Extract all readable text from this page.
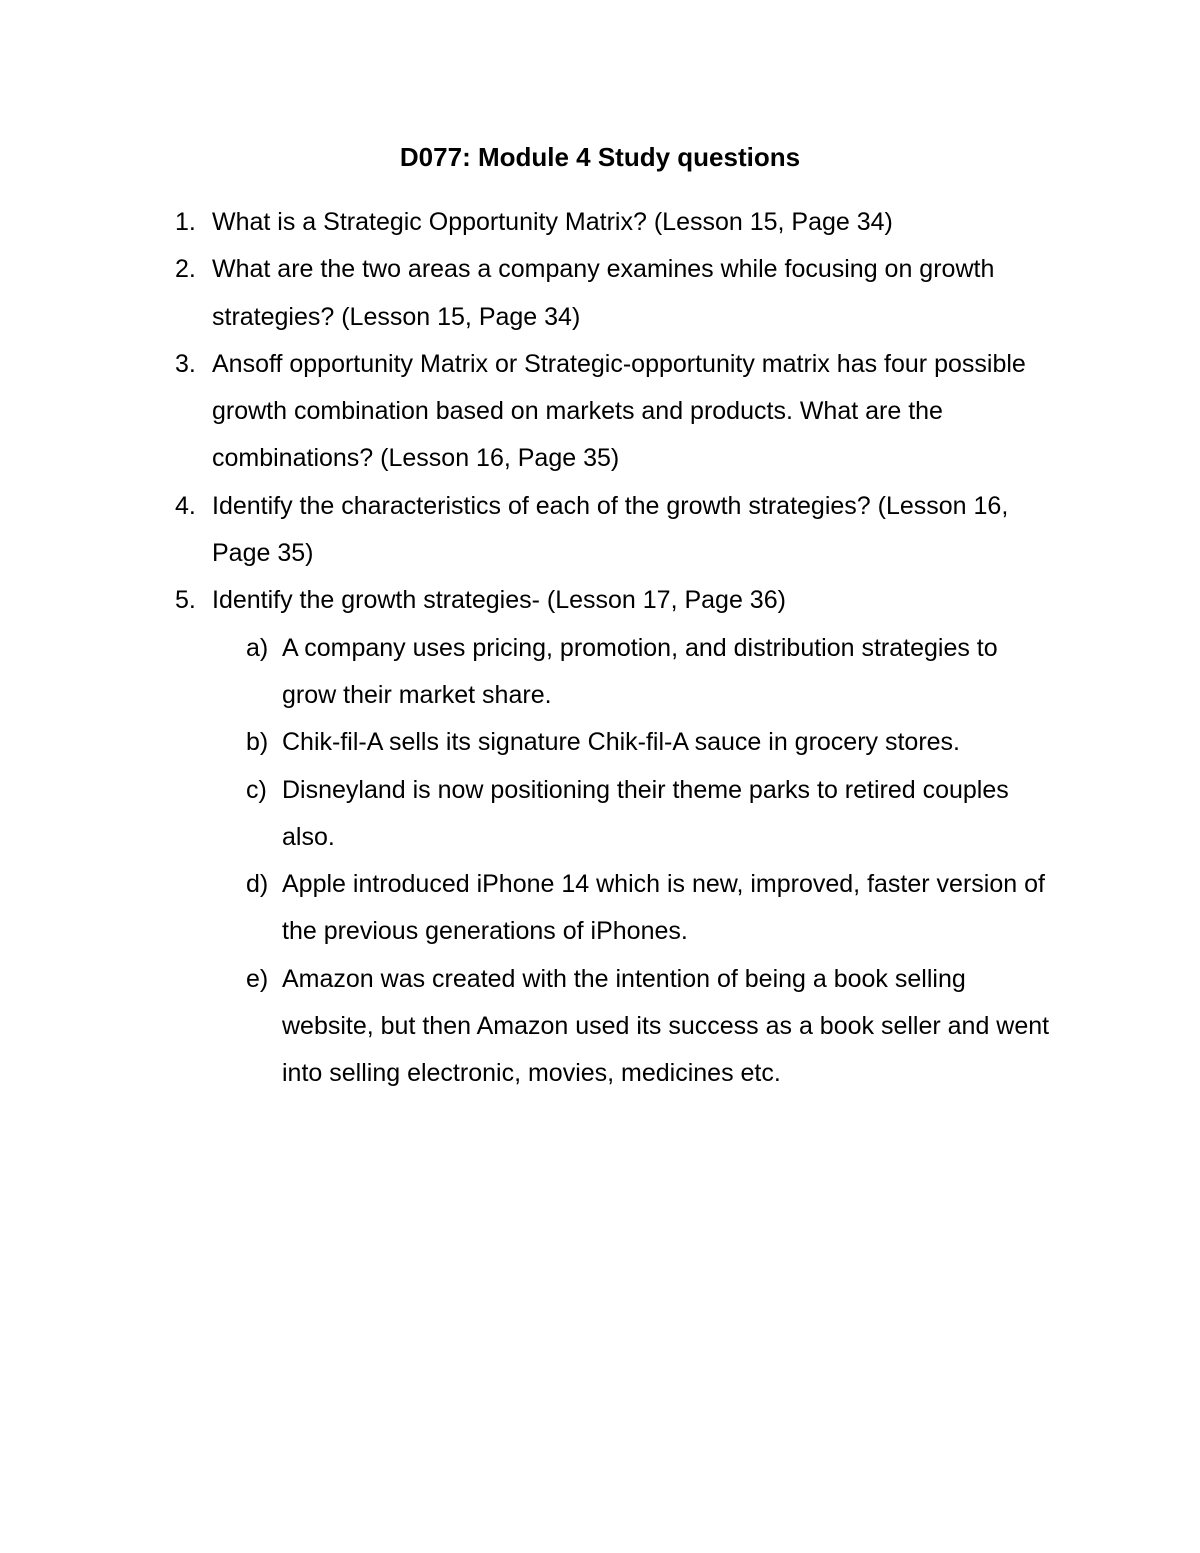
D077: Module 4 Study questions
1. What is a Strategic Opportunity Matrix? (Lesson 15, Page 34)
2. What are the two areas a company examines while focusing on growth strategies? (Lesson 15, Page 34)
3. Ansoff opportunity Matrix or Strategic-opportunity matrix has four possible growth combination based on markets and products. What are the combinations? (Lesson 16, Page 35)
4. Identify the characteristics of each of the growth strategies? (Lesson 16, Page 35)
5. Identify the growth strategies- (Lesson 17, Page 36)
a) A company uses pricing, promotion, and distribution strategies to grow their market share.
b) Chik-fil-A sells its signature Chik-fil-A sauce in grocery stores.
c) Disneyland is now positioning their theme parks to retired couples also.
d) Apple introduced iPhone 14 which is new, improved, faster version of the previous generations of iPhones.
e) Amazon was created with the intention of being a book selling website, but then Amazon used its success as a book seller and went into selling electronic, movies, medicines etc.
